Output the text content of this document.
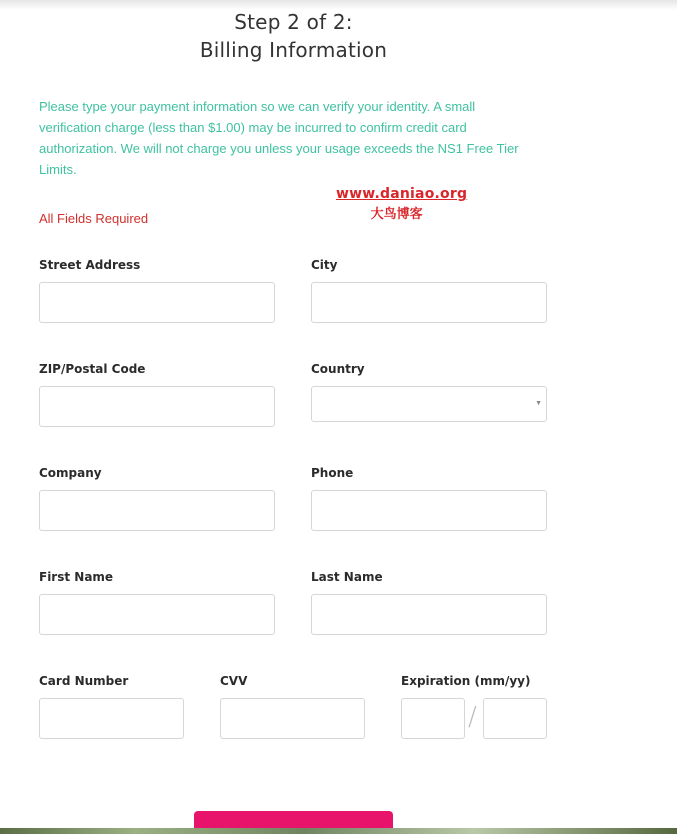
Step 2 of 2:
Billing Information
Please type your payment information so we can verify your identity. A small verification charge (less than $1.00) may be incurred to confirm credit card authorization. We will not charge you unless your usage exceeds the NS1 Free Tier Limits.
All Fields Required
www.daniao.org
大鸟博客
Street Address	City
ZIP/Postal Code	Country
▼
Company	Phone
First Name	Last Name
Card Number	CVV	Expiration (mm/yy)
/
